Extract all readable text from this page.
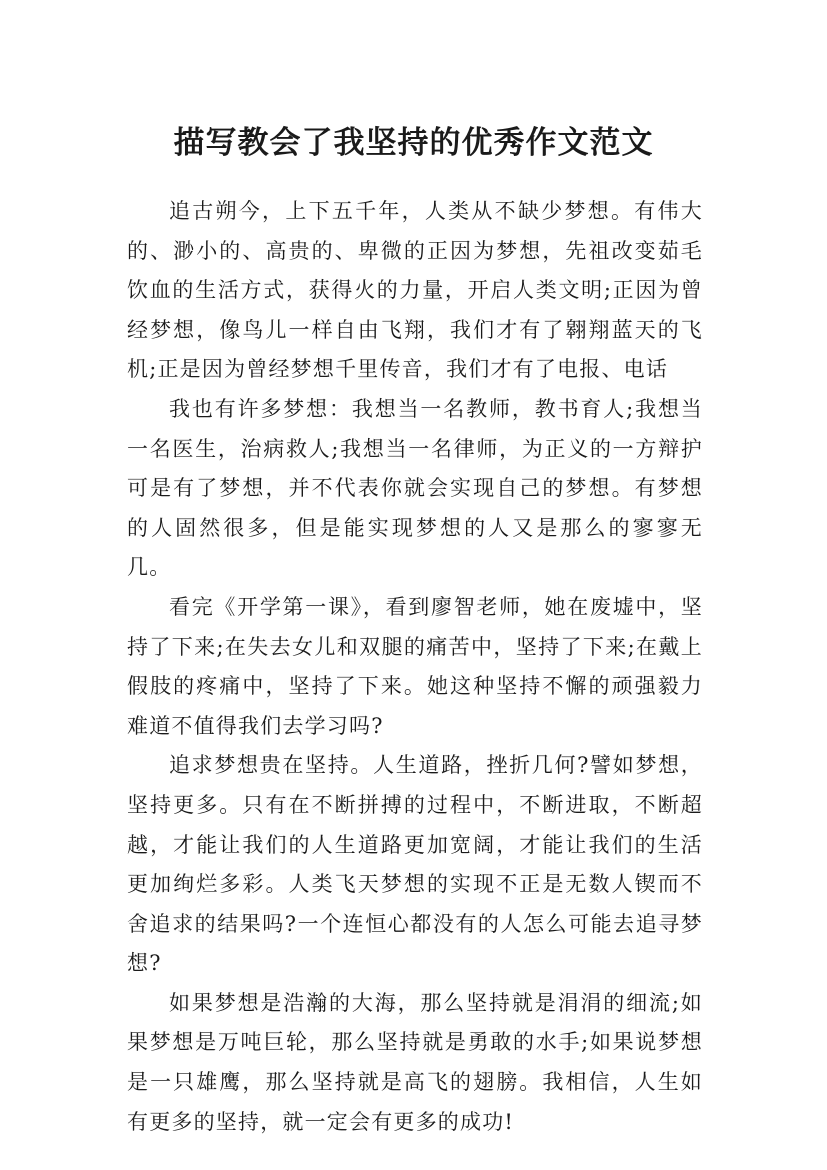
描写教会了我坚持的优秀作文范文

追古朔今，上下五千年，人类从不缺少梦想。有伟大的、渺小的、高贵的、卑微的正因为梦想，先祖改变茹毛饮血的生活方式，获得火的力量，开启人类文明;正因为曾经梦想，像鸟儿一样自由飞翔，我们才有了翱翔蓝天的飞机;正是因为曾经梦想千里传音，我们才有了电报、电话

我也有许多梦想：我想当一名教师，教书育人;我想当一名医生，治病救人;我想当一名律师，为正义的一方辩护可是有了梦想，并不代表你就会实现自己的梦想。有梦想的人固然很多，但是能实现梦想的人又是那么的寥寥无几。

看完《开学第一课》，看到廖智老师，她在废墟中，坚持了下来;在失去女儿和双腿的痛苦中，坚持了下来;在戴上假肢的疼痛中，坚持了下来。她这种坚持不懈的顽强毅力难道不值得我们去学习吗?

追求梦想贵在坚持。人生道路，挫折几何?譬如梦想，坚持更多。只有在不断拼搏的过程中，不断进取，不断超越，才能让我们的人生道路更加宽阔，才能让我们的生活更加绚烂多彩。人类飞天梦想的实现不正是无数人锲而不舍追求的结果吗?一个连恒心都没有的人怎么可能去追寻梦想?

如果梦想是浩瀚的大海，那么坚持就是涓涓的细流;如果梦想是万吨巨轮，那么坚持就是勇敢的水手;如果说梦想是一只雄鹰，那么坚持就是高飞的翅膀。我相信，人生如有更多的坚持，就一定会有更多的成功!
